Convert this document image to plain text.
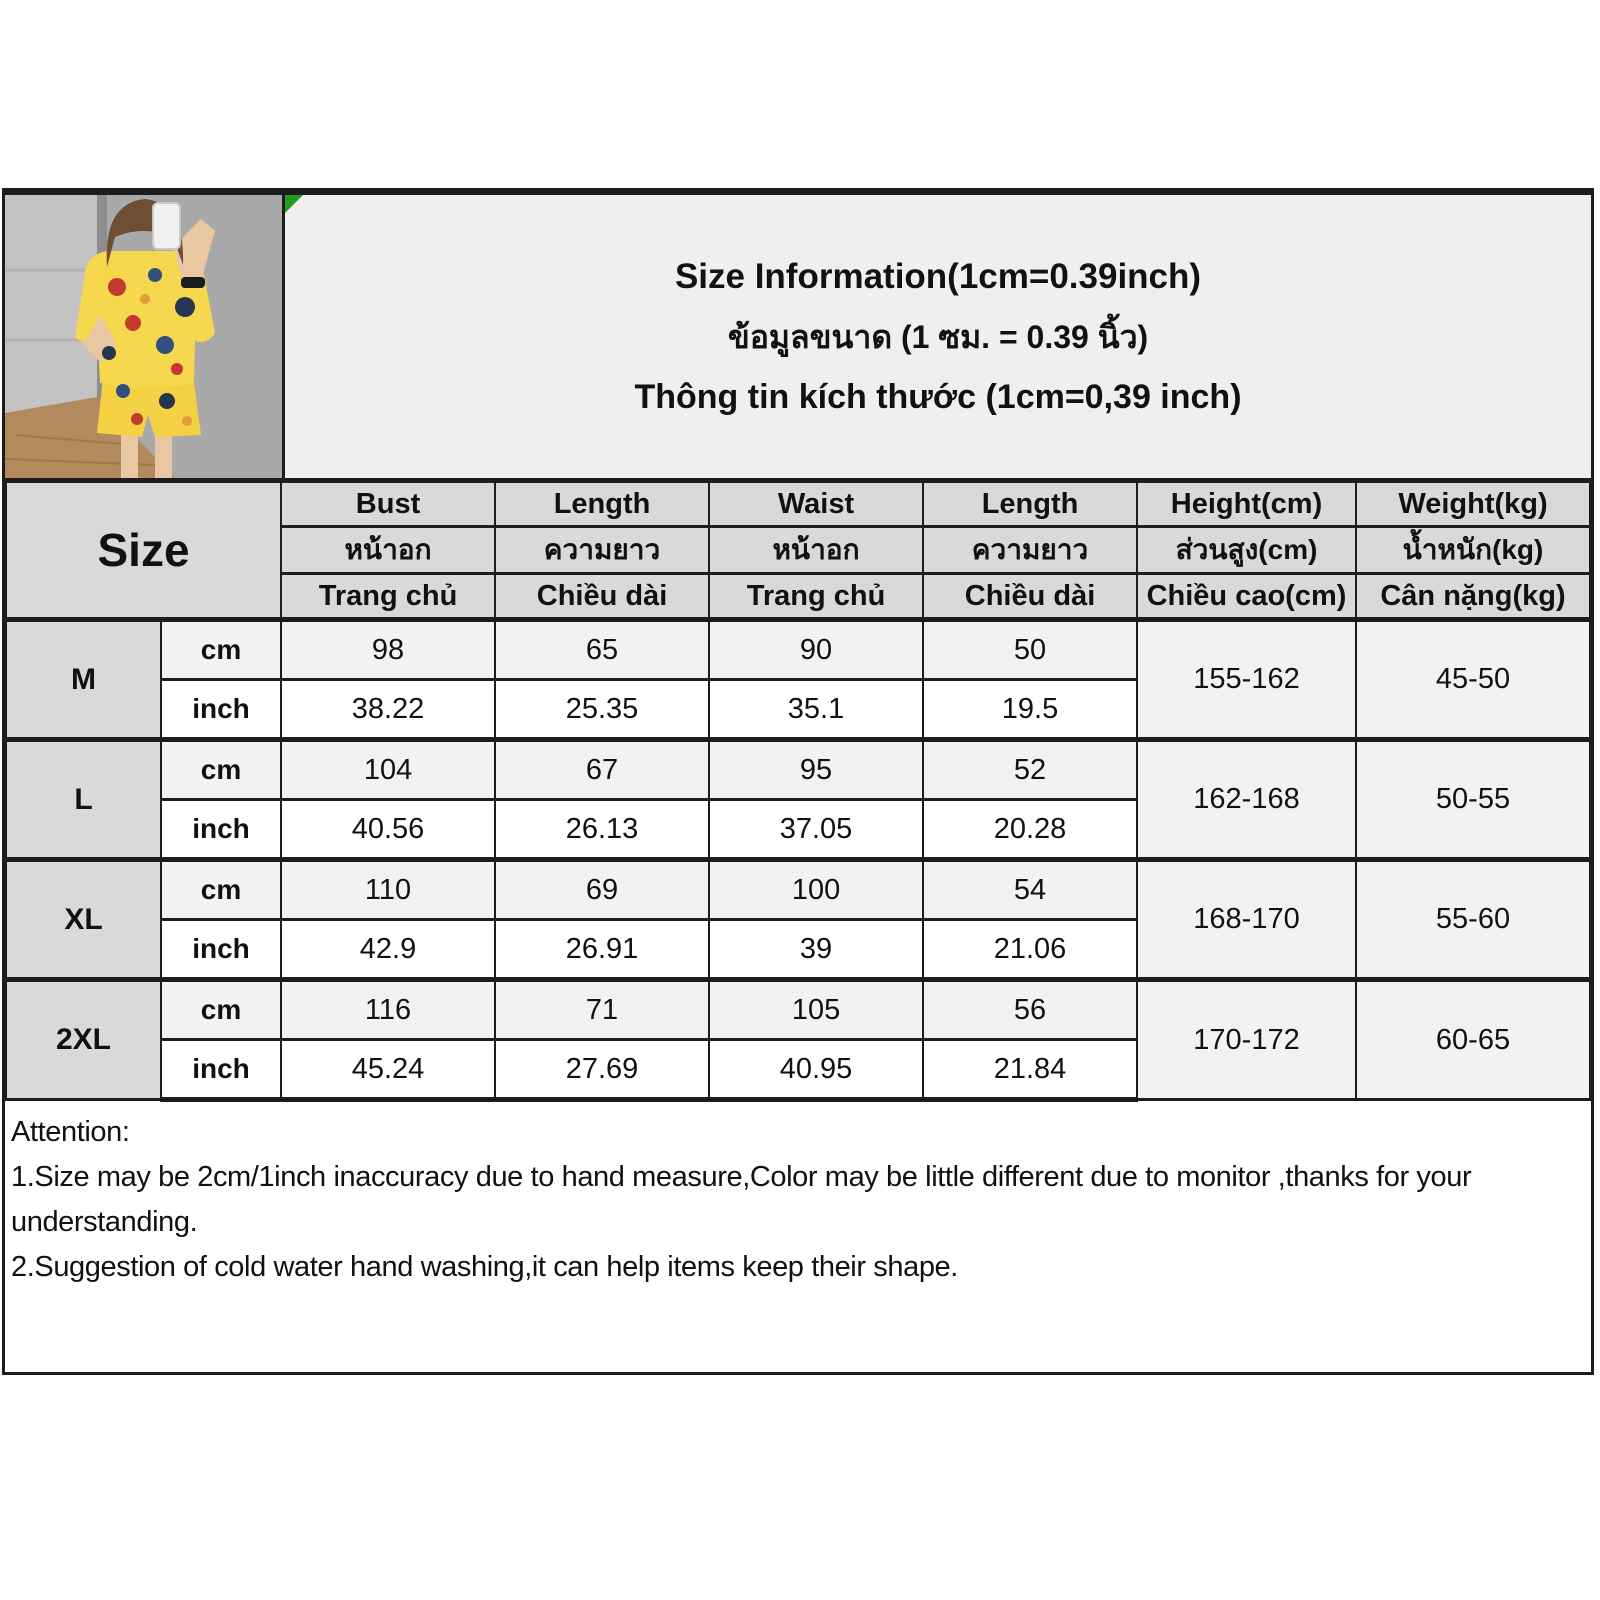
Size Information(1cm=0.39inch)
ข้อมูลขนาด (1 ซม. = 0.39 นิ้ว)
Thông tin kích thước (1cm=0,39 inch)
Size		Bust	Length	Waist	Length	Height(cm)	Weight(kg)
		หน้าอก	ความยาว	หน้าอก	ความยาว	ส่วนสูง(cm)	น้ำหนัก(kg)
		Trang chủ	Chiều dài	Trang chủ	Chiều dài	Chiều cao(cm)	Cân nặng(kg)
M	cm	98	65	90	50	155-162	45-50
	inch	38.22	25.35	35.1	19.5		
L	cm	104	67	95	52	162-168	50-55
	inch	40.56	26.13	37.05	20.28		
XL	cm	110	69	100	54	168-170	55-60
	inch	42.9	26.91	39	21.06		
2XL	cm	116	71	105	56	170-172	60-65
	inch	45.24	27.69	40.95	21.84		

Attention:

1.Size may be 2cm/1inch inaccuracy due to hand measure,Color may be little different due to monitor ,thanks for your understanding.

2.Suggestion of cold water hand washing,it can help items keep their shape.
